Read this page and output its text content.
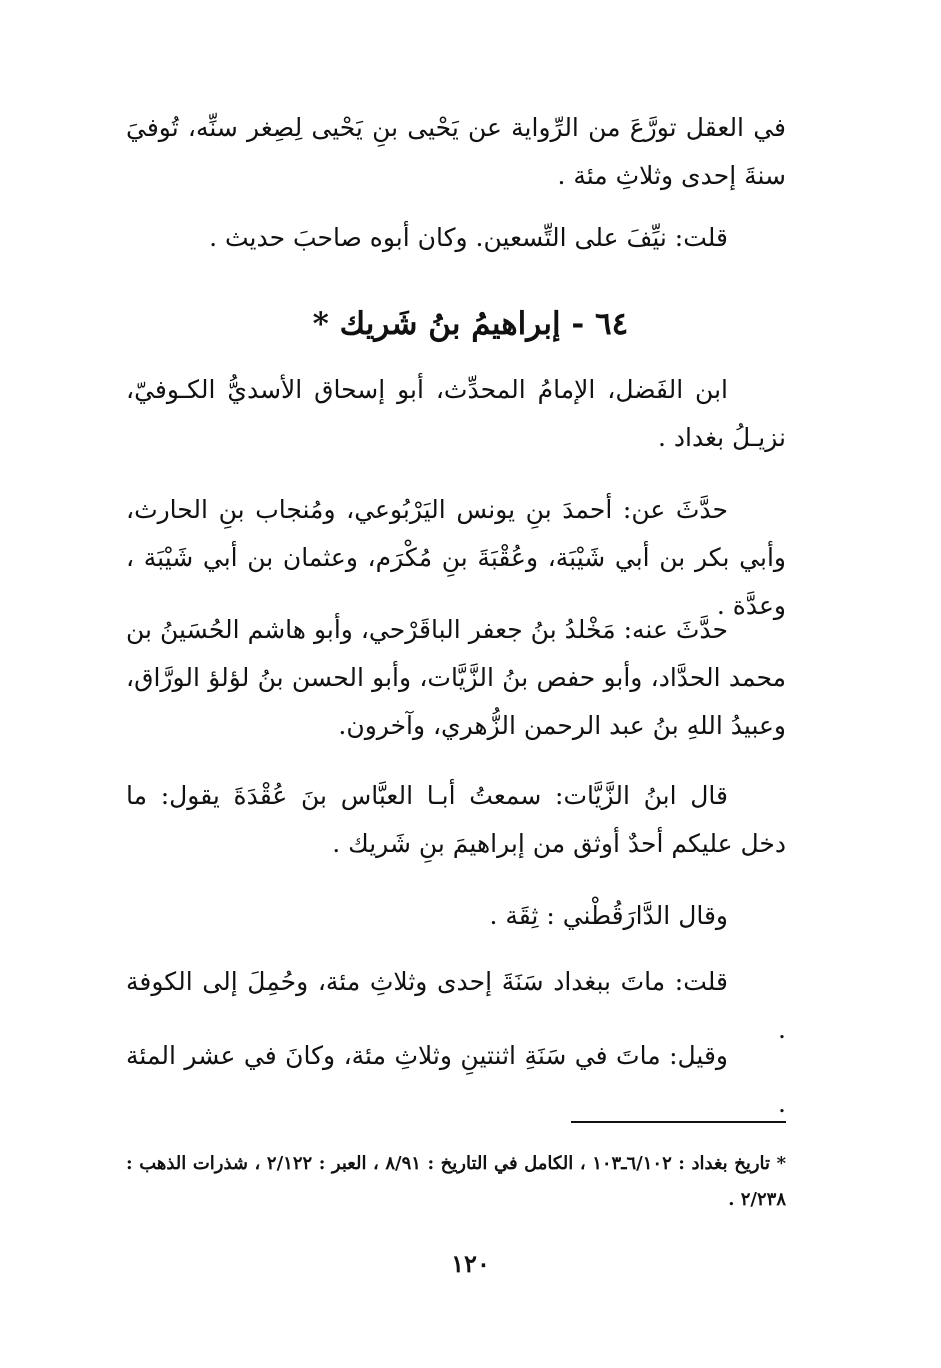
في العقل تورَّعَ من الرِّواية عن يَحْيى بنِ يَحْيى لِصِغر سنِّه، تُوفيَ سنةَ إحدى وثلاثِ مئة .

قلت: نيِّفَ على التِّسعين. وكان أبوه صاحبَ حديث .

٦٤ - إبراهيمُ بنُ شَريك *

ابن الفَضل، الإمامُ المحدِّث، أبو إسحاق الأسديُّ الكـوفيّ، نزيـلُ بغداد .

حدَّثَ عن: أحمدَ بنِ يونس اليَرْبُوعي، ومُنجاب بنِ الحارث، وأبي بكر بن أبي شَيْبَة، وعُقْبَةَ بنِ مُكْرَم، وعثمان بن أبي شَيْبَة ، وعدَّة .

حدَّثَ عنه: مَخْلدُ بنُ جعفر الباقَرْحي، وأبو هاشم الحُسَينُ بن محمد الحدَّاد، وأبو حفص بنُ الزَّيَّات، وأبو الحسن بنُ لؤلؤ الورَّاق، وعبيدُ اللهِ بنُ عبد الرحمن الزُّهري، وآخرون.

قال ابنُ الزَّيَّات: سمعتُ أبـا العبَّاس بنَ عُقْدَةَ يقول: ما دخل عليكم أحدٌ أوثق من إبراهيمَ بنِ شَريك .

وقال الدَّارَقُطْني : ثِقَة .

قلت: ماتَ ببغداد سَنَةَ إحدى وثلاثِ مئة، وحُمِلَ إلى الكوفة .

وقيل: ماتَ في سَنَةِ اثنتينِ وثلاثِ مئة، وكانَ في عشر المئة .

* تاريخ بغداد : ٦/١٠٢ـ١٠٣ ، الكامل في التاريخ : ٨/٩١ ، العبر : ٢/١٢٢ ، شذرات الذهب : ٢/٢٣٨ .

١٢٠
